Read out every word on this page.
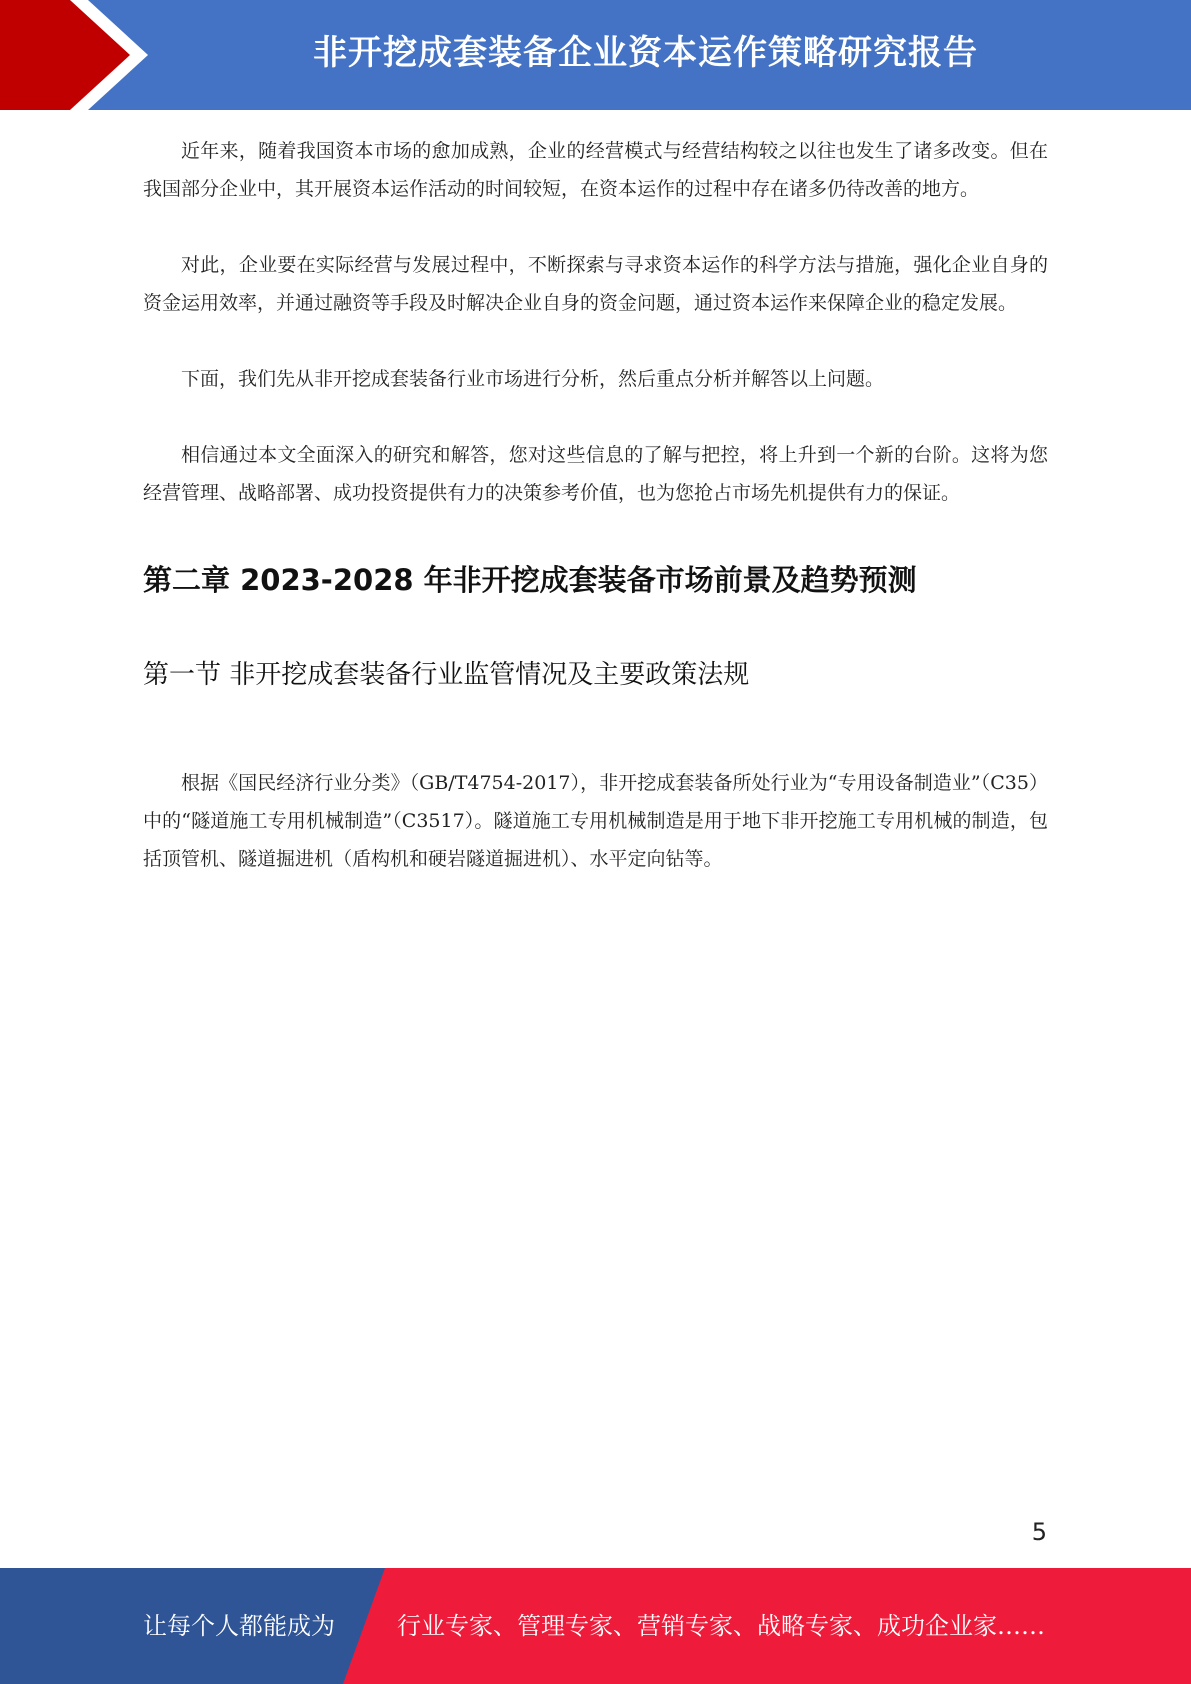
非开挖成套装备企业资本运作策略研究报告

近年来，随着我国资本市场的愈加成熟，企业的经营模式与经营结构较之以往也发生了诸多改变。但在我国部分企业中，其开展资本运作活动的时间较短，在资本运作的过程中存在诸多仍待改善的地方。

对此，企业要在实际经营与发展过程中，不断探索与寻求资本运作的科学方法与措施，强化企业自身的资金运用效率，并通过融资等手段及时解决企业自身的资金问题，通过资本运作来保障企业的稳定发展。

下面，我们先从非开挖成套装备行业市场进行分析，然后重点分析并解答以上问题。

相信通过本文全面深入的研究和解答，您对这些信息的了解与把控，将上升到一个新的台阶。这将为您经营管理、战略部署、成功投资提供有力的决策参考价值，也为您抢占市场先机提供有力的保证。

第二章 2023-2028 年非开挖成套装备市场前景及趋势预测
第一节 非开挖成套装备行业监管情况及主要政策法规

根据《国民经济行业分类》（GB/T4754-2017），非开挖成套装备所处行业为“专用设备制造业”（C35）中的“隧道施工专用机械制造”（C3517）。隧道施工专用机械制造是用于地下非开挖施工专用机械的制造，包括顶管机、隧道掘进机（盾构机和硬岩隧道掘进机）、水平定向钻等。

5
让每个人都能成为	行业专家、管理专家、营销专家、战略专家、成功企业家……
